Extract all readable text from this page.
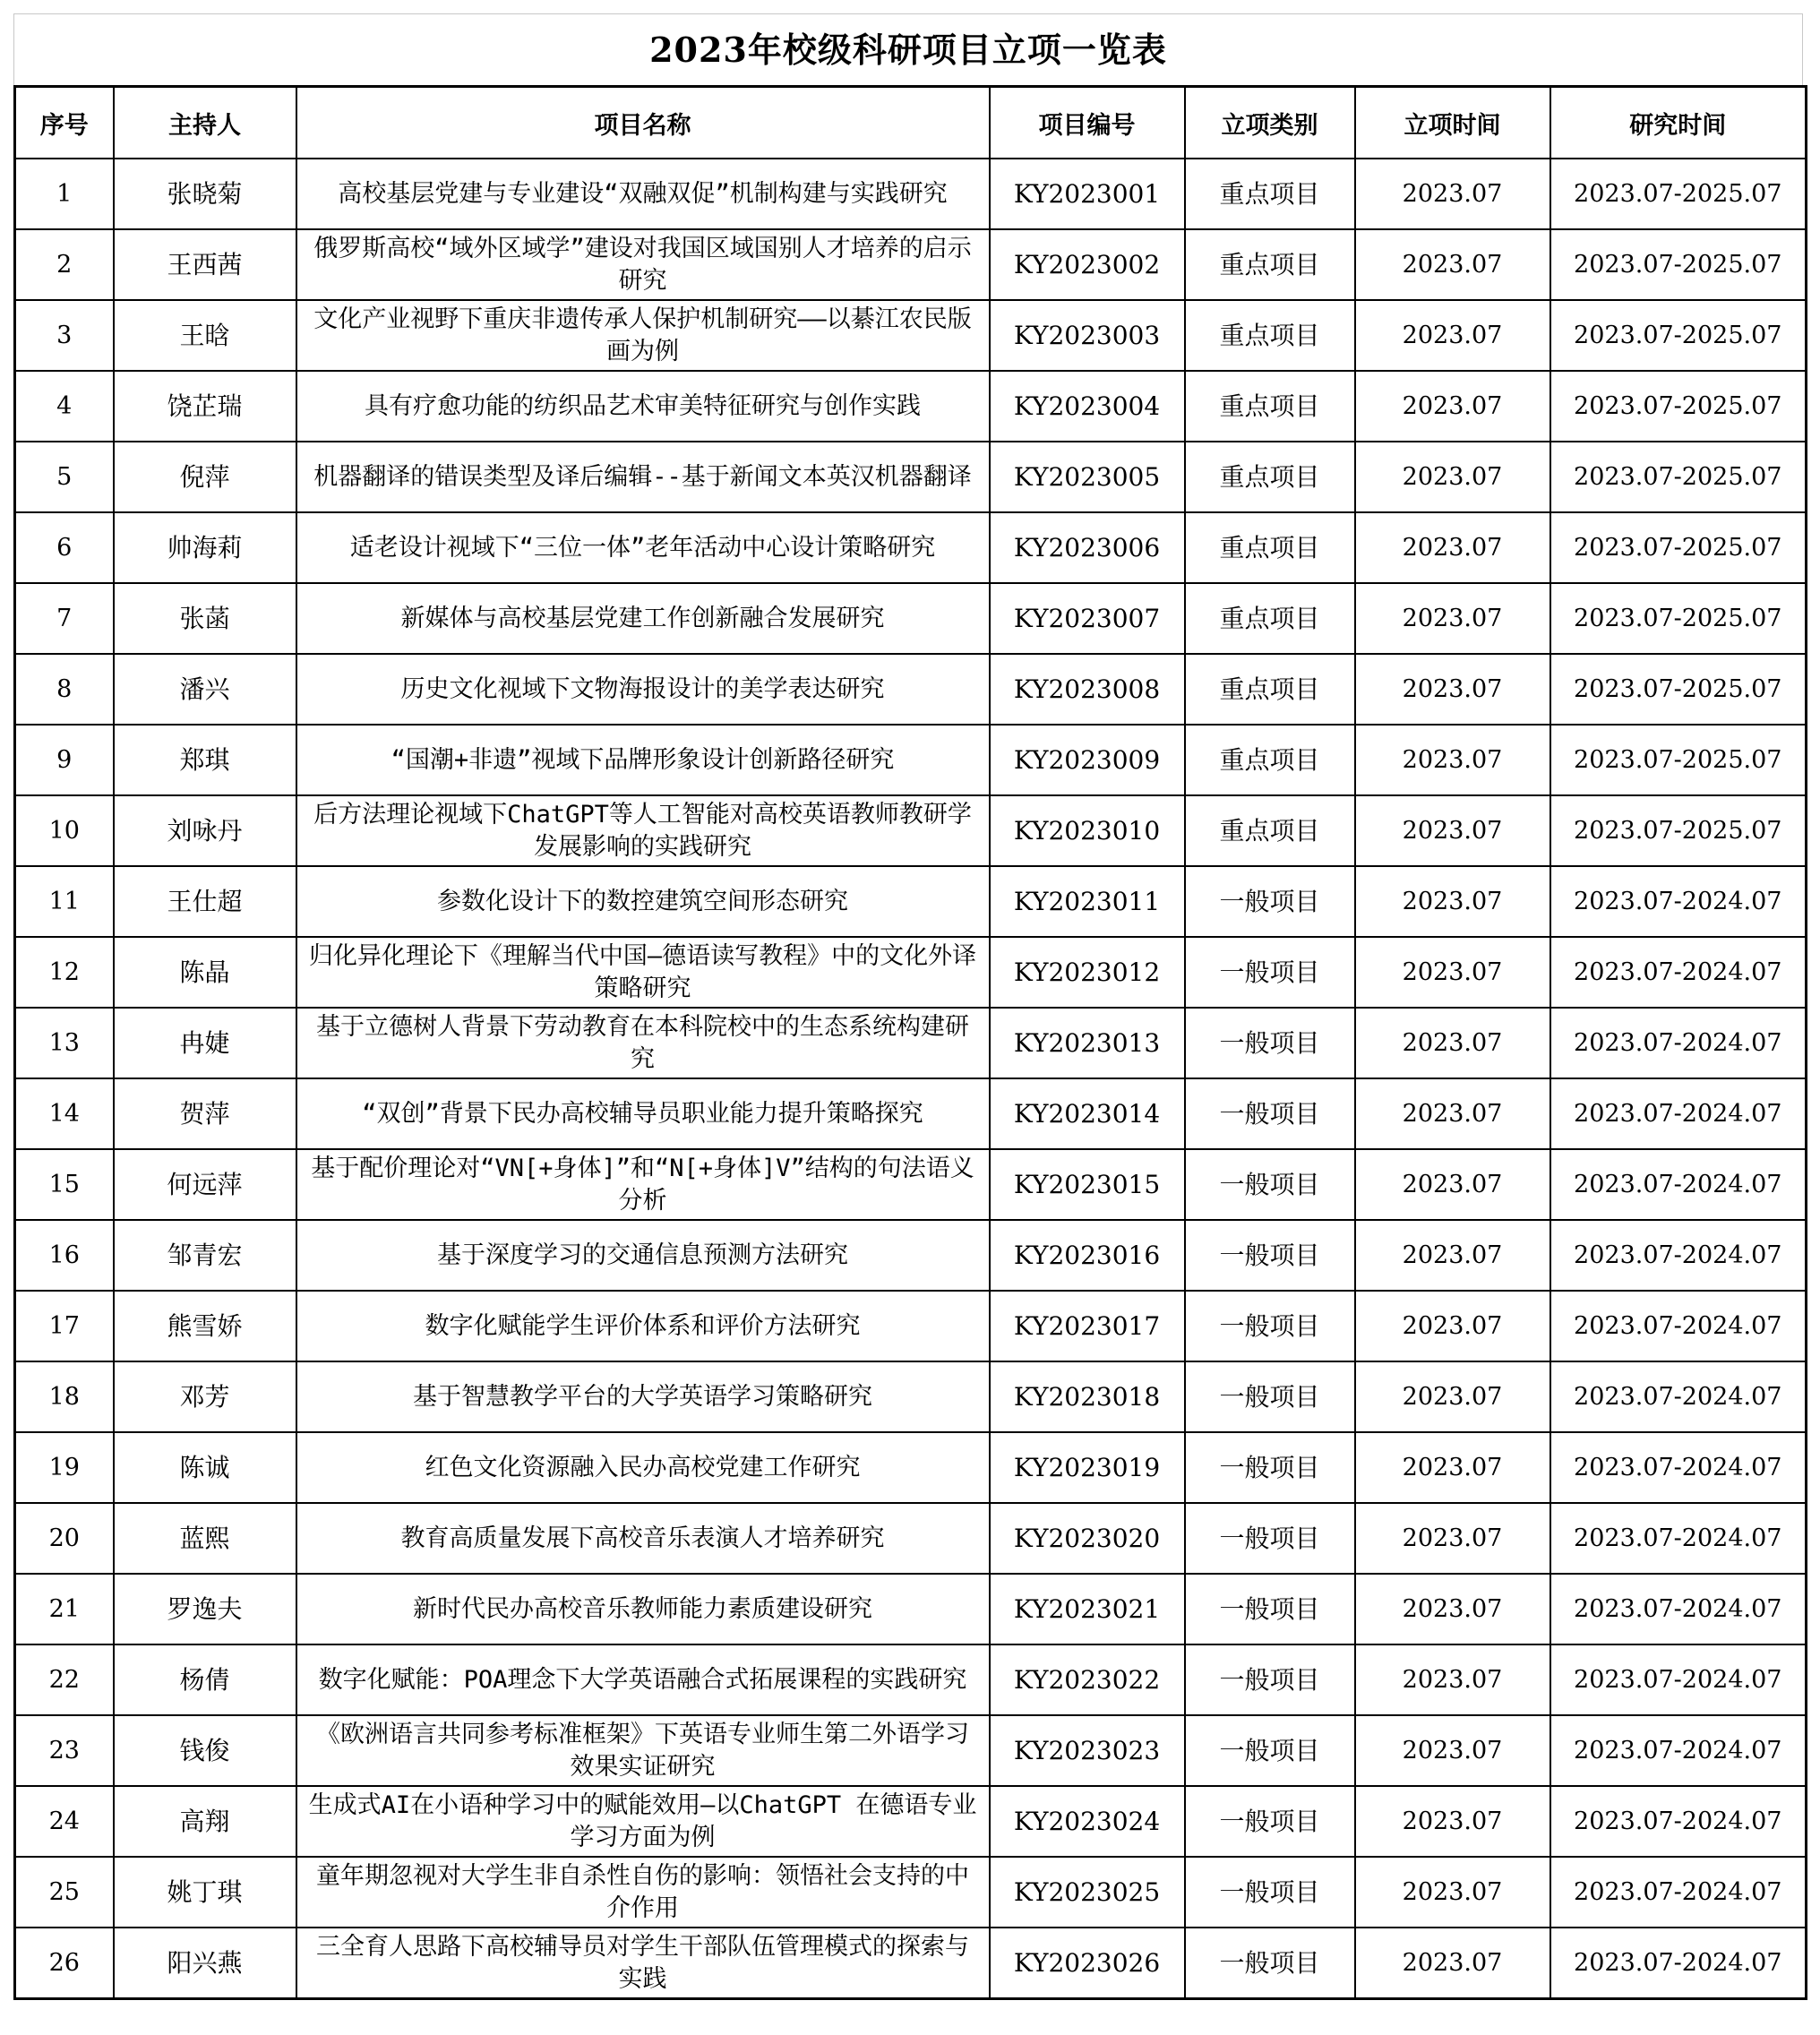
2023年校级科研项目立项一览表
序号	主持人	项目名称	项目编号	立项类别	立项时间	研究时间
1	张晓菊	高校基层党建与专业建设“双融双促”机制构建与实践研究	KY2023001	重点项目	2023.07	2023.07-2025.07
2	王西茜	俄罗斯高校“域外区域学”建设对我国区域国别人才培养的启示研究	KY2023002	重点项目	2023.07	2023.07-2025.07
3	王晗	文化产业视野下重庆非遗传承人保护机制研究——以綦江农民版画为例	KY2023003	重点项目	2023.07	2023.07-2025.07
4	饶芷瑞	具有疗愈功能的纺织品艺术审美特征研究与创作实践	KY2023004	重点项目	2023.07	2023.07-2025.07
5	倪萍	机器翻译的错误类型及译后编辑--基于新闻文本英汉机器翻译	KY2023005	重点项目	2023.07	2023.07-2025.07
6	帅海莉	适老设计视域下“三位一体”老年活动中心设计策略研究	KY2023006	重点项目	2023.07	2023.07-2025.07
7	张菡	新媒体与高校基层党建工作创新融合发展研究	KY2023007	重点项目	2023.07	2023.07-2025.07
8	潘兴	历史文化视域下文物海报设计的美学表达研究	KY2023008	重点项目	2023.07	2023.07-2025.07
9	郑琪	“国潮+非遗”视域下品牌形象设计创新路径研究	KY2023009	重点项目	2023.07	2023.07-2025.07
10	刘咏丹	后方法理论视域下ChatGPT等人工智能对高校英语教师教研学发展影响的实践研究	KY2023010	重点项目	2023.07	2023.07-2025.07
11	王仕超	参数化设计下的数控建筑空间形态研究	KY2023011	一般项目	2023.07	2023.07-2024.07
12	陈晶	归化异化理论下《理解当代中国—德语读写教程》中的文化外译策略研究	KY2023012	一般项目	2023.07	2023.07-2024.07
13	冉婕	基于立德树人背景下劳动教育在本科院校中的生态系统构建研究	KY2023013	一般项目	2023.07	2023.07-2024.07
14	贺萍	“双创”背景下民办高校辅导员职业能力提升策略探究	KY2023014	一般项目	2023.07	2023.07-2024.07
15	何远萍	基于配价理论对“VN[+身体]”和“N[+身体]V”结构的句法语义分析	KY2023015	一般项目	2023.07	2023.07-2024.07
16	邹青宏	基于深度学习的交通信息预测方法研究	KY2023016	一般项目	2023.07	2023.07-2024.07
17	熊雪娇	数字化赋能学生评价体系和评价方法研究	KY2023017	一般项目	2023.07	2023.07-2024.07
18	邓芳	基于智慧教学平台的大学英语学习策略研究	KY2023018	一般项目	2023.07	2023.07-2024.07
19	陈诚	红色文化资源融入民办高校党建工作研究	KY2023019	一般项目	2023.07	2023.07-2024.07
20	蓝熙	教育高质量发展下高校音乐表演人才培养研究	KY2023020	一般项目	2023.07	2023.07-2024.07
21	罗逸夫	新时代民办高校音乐教师能力素质建设研究	KY2023021	一般项目	2023.07	2023.07-2024.07
22	杨倩	数字化赋能：POA理念下大学英语融合式拓展课程的实践研究	KY2023022	一般项目	2023.07	2023.07-2024.07
23	钱俊	《欧洲语言共同参考标准框架》下英语专业师生第二外语学习效果实证研究	KY2023023	一般项目	2023.07	2023.07-2024.07
24	高翔	生成式AI在小语种学习中的赋能效用—以ChatGPT 在德语专业学习方面为例	KY2023024	一般项目	2023.07	2023.07-2024.07
25	姚丁琪	童年期忽视对大学生非自杀性自伤的影响：领悟社会支持的中介作用	KY2023025	一般项目	2023.07	2023.07-2024.07
26	阳兴燕	三全育人思路下高校辅导员对学生干部队伍管理模式的探索与实践	KY2023026	一般项目	2023.07	2023.07-2024.07
